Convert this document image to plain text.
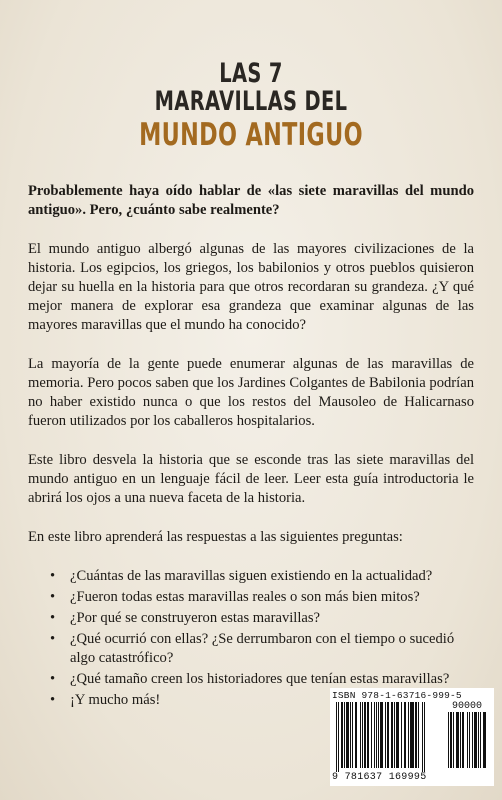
LAS 7
MARAVILLAS DEL
MUNDO ANTIGUO

Probablemente haya oído hablar de «las siete maravillas del mundo antiguo». Pero, ¿cuánto sabe realmente?

El mundo antiguo albergó algunas de las mayores civilizaciones de la historia. Los egipcios, los griegos, los babilonios y otros pueblos quisieron dejar su huella en la historia para que otros recordaran su grandeza. ¿Y qué mejor manera de explorar esa grandeza que examinar algunas de las mayores maravillas que el mundo ha conocido?

La mayoría de la gente puede enumerar algunas de las maravillas de memoria. Pero pocos saben que los Jardines Colgantes de Babilonia podrían no haber existido nunca o que los restos del Mausoleo de Halicarnaso fueron utilizados por los caballeros hospitalarios.

Este libro desvela la historia que se esconde tras las siete maravillas del mundo antiguo en un lenguaje fácil de leer. Leer esta guía introductoria le abrirá los ojos a una nueva faceta de la historia.

En este libro aprenderá las respuestas a las siguientes preguntas:

• ¿Cuántas de las maravillas siguen existiendo en la actualidad?
• ¿Fueron todas estas maravillas reales o son más bien mitos?
• ¿Por qué se construyeron estas maravillas?
• ¿Qué ocurrió con ellas? ¿Se derrumbaron con el tiempo o sucedió algo catastrófico?
• ¿Qué tamaño creen los historiadores que tenían estas maravillas?
• ¡Y mucho más!	ISBN 978-1-63716-999-5
90000
9 781637 169995
